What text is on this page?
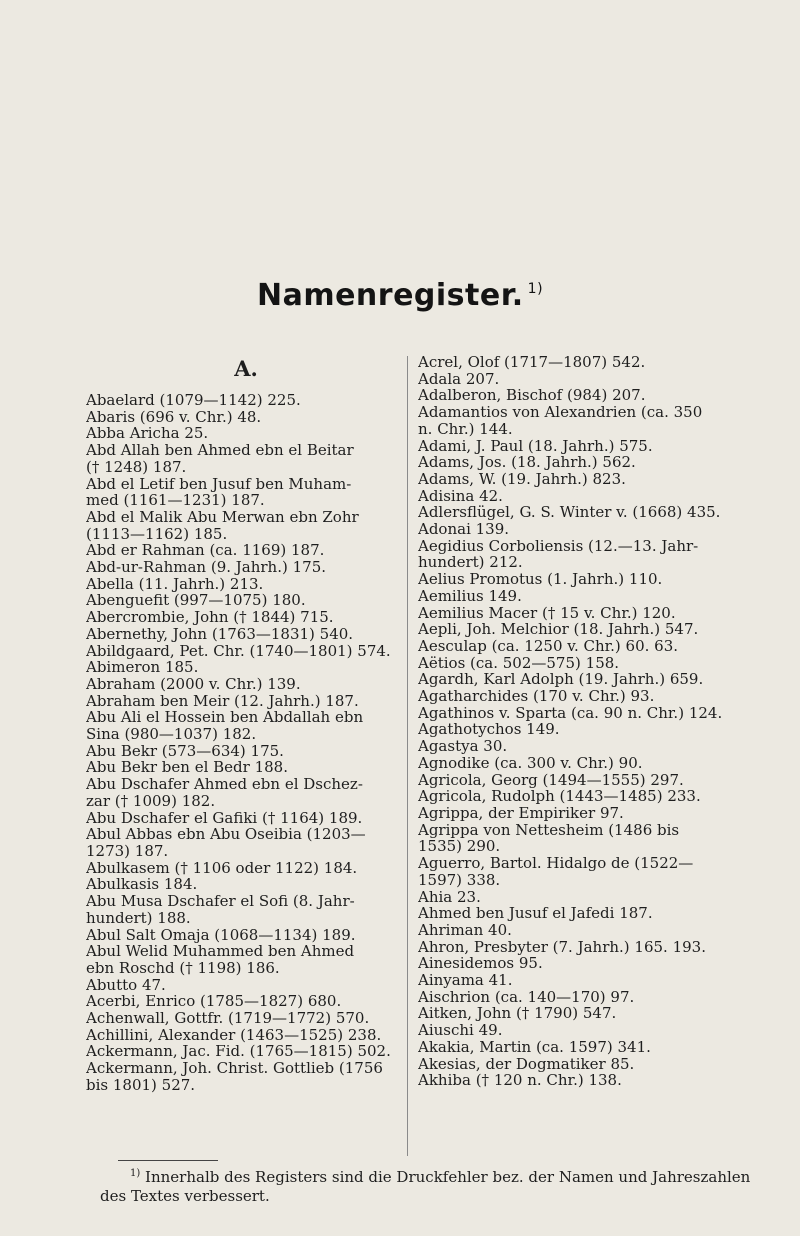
Namenregister. $^{1)}$
A.
Abaelard (1079—1142) 225.
Abaris (696 v. Chr.) 48.
Abba Aricha 25.
Abd Allah ben Ahmed ebn el Beitar
(† 1248) 187.
Abd el Letif ben Jusuf ben Muham-
med (1161—1231) 187.
Abd el Malik Abu Merwan ebn Zohr
(1113—1162) 185.
Abd er Rahman (ca. 1169) 187.
Abd-ur-Rahman (9. Jahrh.) 175.
Abella (11. Jahrh.) 213.
Abenguefit (997—1075) 180.
Abercrombie, John († 1844) 715.
Abernethy, John (1763—1831) 540.
Abildgaard, Pet. Chr. (1740—1801) 574.
Abimeron 185.
Abraham (2000 v. Chr.) 139.
Abraham ben Meir (12. Jahrh.) 187.
Abu Ali el Hossein ben Abdallah ebn
Sina (980—1037) 182.
Abu Bekr (573—634) 175.
Abu Bekr ben el Bedr 188.
Abu Dschafer Ahmed ebn el Dschez-
zar († 1009) 182.
Abu Dschafer el Gafiki († 1164) 189.
Abul Abbas ebn Abu Oseibia (1203—
1273) 187.
Abulkasem († 1106 oder 1122) 184.
Abulkasis 184.
Abu Musa Dschafer el Sofi (8. Jahr-
hundert) 188.
Abul Salt Omaja (1068—1134) 189.
Abul Welid Muhammed ben Ahmed
ebn Roschd († 1198) 186.
Abutto 47.
Acerbi, Enrico (1785—1827) 680.
Achenwall, Gottfr. (1719—1772) 570.
Achillini, Alexander (1463—1525) 238.
Ackermann, Jac. Fid. (1765—1815) 502.
Ackermann, Joh. Christ. Gottlieb (1756
bis 1801) 527.
Acrel, Olof (1717—1807) 542.
Adala 207.
Adalberon, Bischof (984) 207.
Adamantios von Alexandrien (ca. 350
n. Chr.) 144.
Adami, J. Paul (18. Jahrh.) 575.
Adams, Jos. (18. Jahrh.) 562.
Adams, W. (19. Jahrh.) 823.
Adisina 42.
Adlersflügel, G. S. Winter v. (1668) 435.
Adonai 139.
Aegidius Corboliensis (12.—13. Jahr-
hundert) 212.
Aelius Promotus (1. Jahrh.) 110.
Aemilius 149.
Aemilius Macer († 15 v. Chr.) 120.
Aepli, Joh. Melchior (18. Jahrh.) 547.
Aesculap (ca. 1250 v. Chr.) 60. 63.
Aëtios (ca. 502—575) 158.
Agardh, Karl Adolph (19. Jahrh.) 659.
Agatharchides (170 v. Chr.) 93.
Agathinos v. Sparta (ca. 90 n. Chr.) 124.
Agathotychos 149.
Agastya 30.
Agnodike (ca. 300 v. Chr.) 90.
Agricola, Georg (1494—1555) 297.
Agricola, Rudolph (1443—1485) 233.
Agrippa, der Empiriker 97.
Agrippa von Nettesheim (1486 bis
1535) 290.
Aguerro, Bartol. Hidalgo de (1522—
1597) 338.
Ahia 23.
Ahmed ben Jusuf el Jafedi 187.
Ahriman 40.
Ahron, Presbyter (7. Jahrh.) 165. 193.
Ainesidemos 95.
Ainyama 41.
Aischrion (ca. 140—170) 97.
Aitken, John († 1790) 547.
Aiuschi 49.
Akakia, Martin (ca. 1597) 341.
Akesias, der Dogmatiker 85.
Akhiba († 120 n. Chr.) 138.
$^{1)}$ Innerhalb des Registers sind die Druckfehler bez. der Namen und Jahreszahlen des Textes verbessert.
